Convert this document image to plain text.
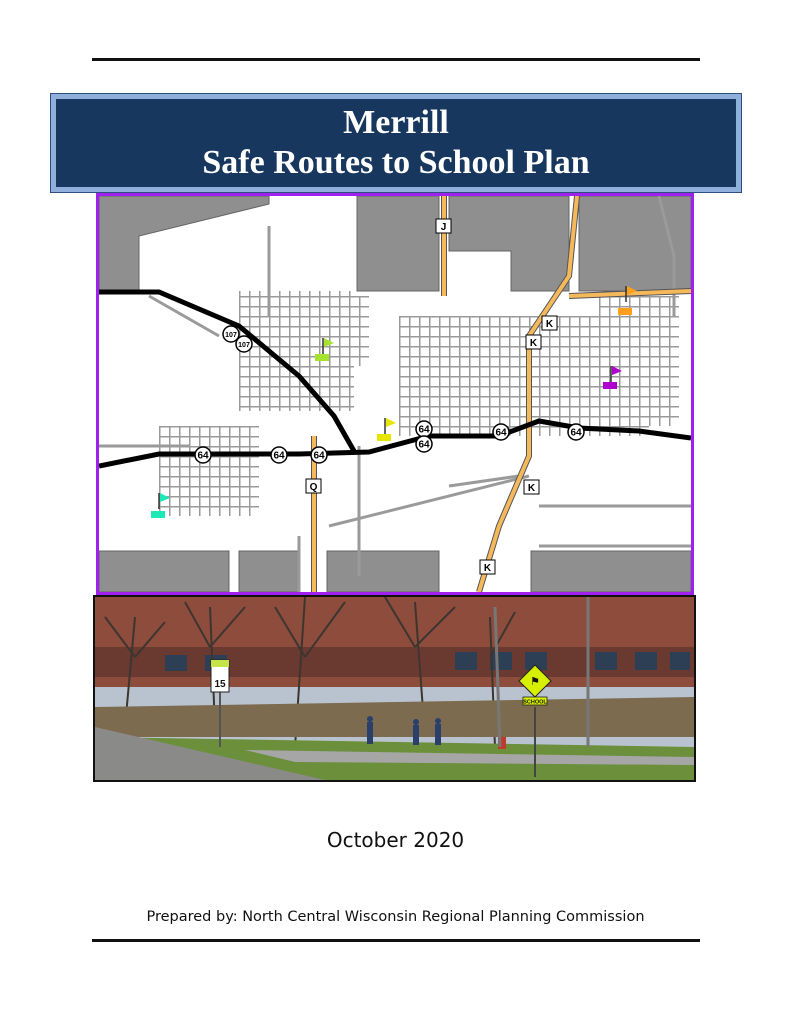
Merrill
Safe Routes to School Plan
64	64	64
64
64
64	64
107
107
J
K
K
K
K
Q
15	⚑
SCHOOL
October 2020
Prepared by: North Central Wisconsin Regional Planning Commission
